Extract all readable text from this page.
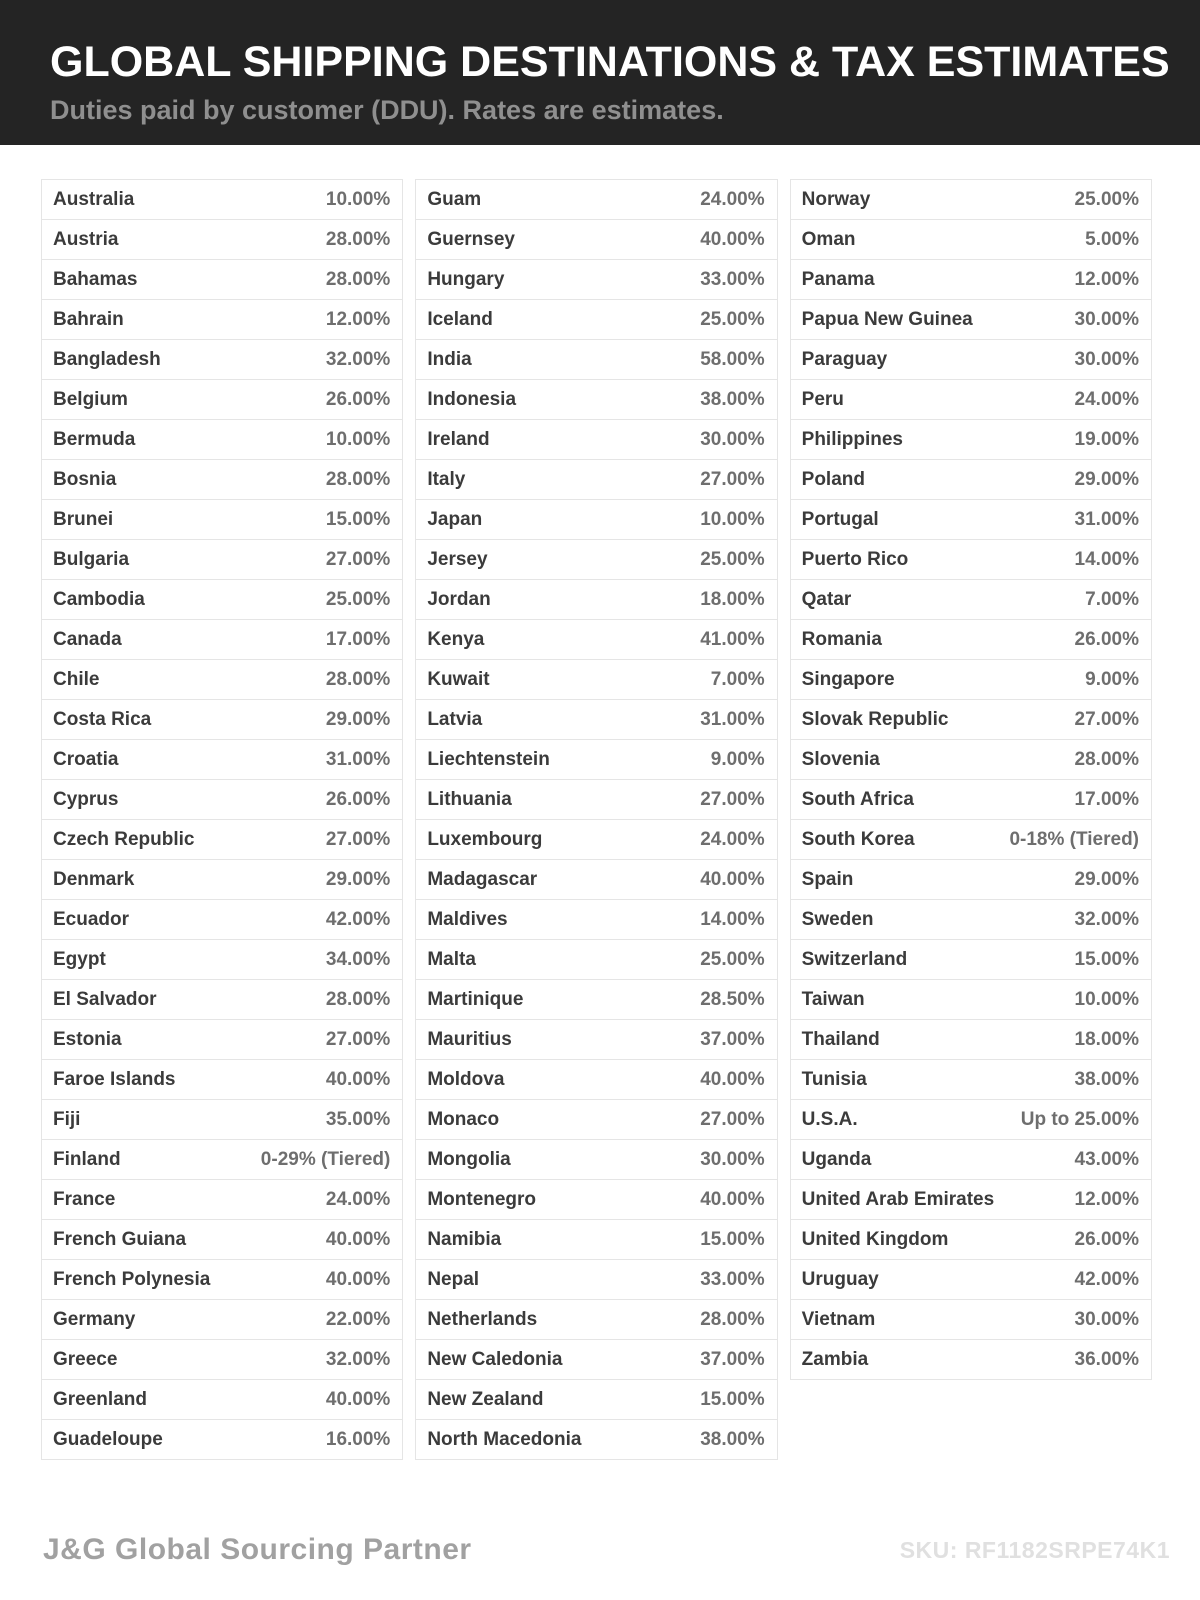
GLOBAL SHIPPING DESTINATIONS & TAX ESTIMATES

Duties paid by customer (DDU). Rates are estimates.

Australia	10.00%
Austria	28.00%
Bahamas	28.00%
Bahrain	12.00%
Bangladesh	32.00%
Belgium	26.00%
Bermuda	10.00%
Bosnia	28.00%
Brunei	15.00%
Bulgaria	27.00%
Cambodia	25.00%
Canada	17.00%
Chile	28.00%
Costa Rica	29.00%
Croatia	31.00%
Cyprus	26.00%
Czech Republic	27.00%
Denmark	29.00%
Ecuador	42.00%
Egypt	34.00%
El Salvador	28.00%
Estonia	27.00%
Faroe Islands	40.00%
Fiji	35.00%
Finland	0-29% (Tiered)
France	24.00%
French Guiana	40.00%
French Polynesia	40.00%
Germany	22.00%
Greece	32.00%
Greenland	40.00%
Guadeloupe	16.00%
Guam	24.00%
Guernsey	40.00%
Hungary	33.00%
Iceland	25.00%
India	58.00%
Indonesia	38.00%
Ireland	30.00%
Italy	27.00%
Japan	10.00%
Jersey	25.00%
Jordan	18.00%
Kenya	41.00%
Kuwait	7.00%
Latvia	31.00%
Liechtenstein	9.00%
Lithuania	27.00%
Luxembourg	24.00%
Madagascar	40.00%
Maldives	14.00%
Malta	25.00%
Martinique	28.50%
Mauritius	37.00%
Moldova	40.00%
Monaco	27.00%
Mongolia	30.00%
Montenegro	40.00%
Namibia	15.00%
Nepal	33.00%
Netherlands	28.00%
New Caledonia	37.00%
New Zealand	15.00%
North Macedonia	38.00%
Norway	25.00%
Oman	5.00%
Panama	12.00%
Papua New Guinea	30.00%
Paraguay	30.00%
Peru	24.00%
Philippines	19.00%
Poland	29.00%
Portugal	31.00%
Puerto Rico	14.00%
Qatar	7.00%
Romania	26.00%
Singapore	9.00%
Slovak Republic	27.00%
Slovenia	28.00%
South Africa	17.00%
South Korea	0-18% (Tiered)
Spain	29.00%
Sweden	32.00%
Switzerland	15.00%
Taiwan	10.00%
Thailand	18.00%
Tunisia	38.00%
U.S.A.	Up to 25.00%
Uganda	43.00%
United Arab Emirates	12.00%
United Kingdom	26.00%
Uruguay	42.00%
Vietnam	30.00%
Zambia	36.00%
J&G Global Sourcing Partner	SKU: RF1182SRPE74K1
